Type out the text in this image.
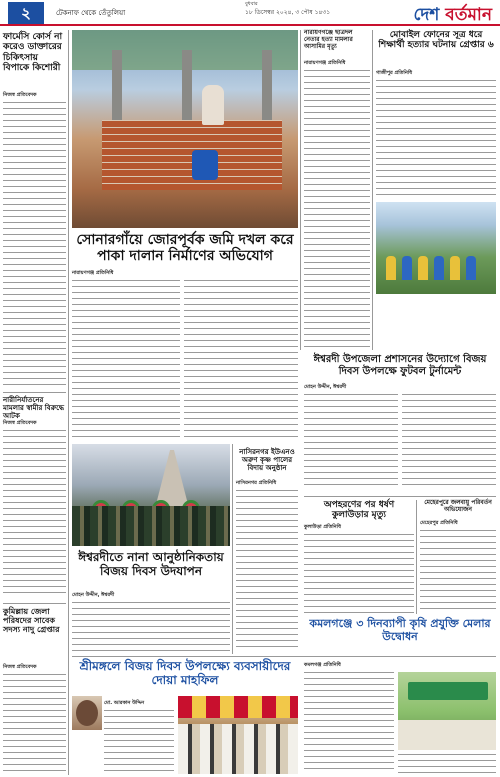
২	টেকনাফ থেকে তেঁতুলিয়া
বুধবার
১৮ ডিসেম্বর ২০২৪, ৩ পৌষ ১৪৩১	দেশ বর্তমান
ফার্মেসি কোর্স না করেও ডাক্তারের চিকিৎসায় বিপাকে কিশোরী
নিজস্ব প্রতিবেদক
নারীনির্যাতনের মামলার স্বামীর বিরুদ্ধে আটক
নিজস্ব প্রতিবেদক
কুমিল্লায় জেলা পরিষদের সাবেক সদস্য নাদু গ্রেপ্তার
নিজস্ব প্রতিবেদক
সোনারগাঁয়ে জোরপূর্বক জমি দখল করে পাকা দালান নির্মাণের অভিযোগ
নারায়ণগঞ্জ প্রতিনিধি
ঈশ্বরদীতে নানা আনুষ্ঠানিকতায় বিজয় দিবস উদযাপন
মোহন উদ্দীন, ঈশ্বরদী
নাসিরনগর ইউএনও অরুণ কৃষ্ণ পালের বিদায় অনুষ্ঠান
নাসিরনগর প্রতিনিধি
শ্রীমঙ্গলে বিজয় দিবস উপলক্ষ্যে ব্যবসায়ীদের দোয়া মাহফিল
মো. আরকান উদ্দিন
নারায়ণগঞ্জে ছাত্রদল নেতার হত্যা মামলার আসামির মৃত্যু
নারায়ণগঞ্জ প্রতিনিধি
মোবাইল ফোনের সূত্র ধরে শিক্ষার্থী হত্যার ঘটনায় গ্রেপ্তার ৬
গাজীপুর প্রতিনিধি
ঈশ্বরদী উপজেলা প্রশাসনের উদ্যোগে বিজয় দিবস উপলক্ষে ফুটবল টুর্নামেন্ট
মোহন উদ্দীন, ঈশ্বরদী
অপহরণের পর ধর্ষণ কুলাউড়ার মৃত্যু
কুলাউড়া প্রতিনিধি
মেহেরপুরে জলবায়ু পরিবর্তন অভিযোজন
মেহেরপুর প্রতিনিধি
কমলগঞ্জে ৩ দিনব্যাপী কৃষি প্রযুক্তি মেলার উদ্বোধন
কমলগঞ্জ প্রতিনিধি
